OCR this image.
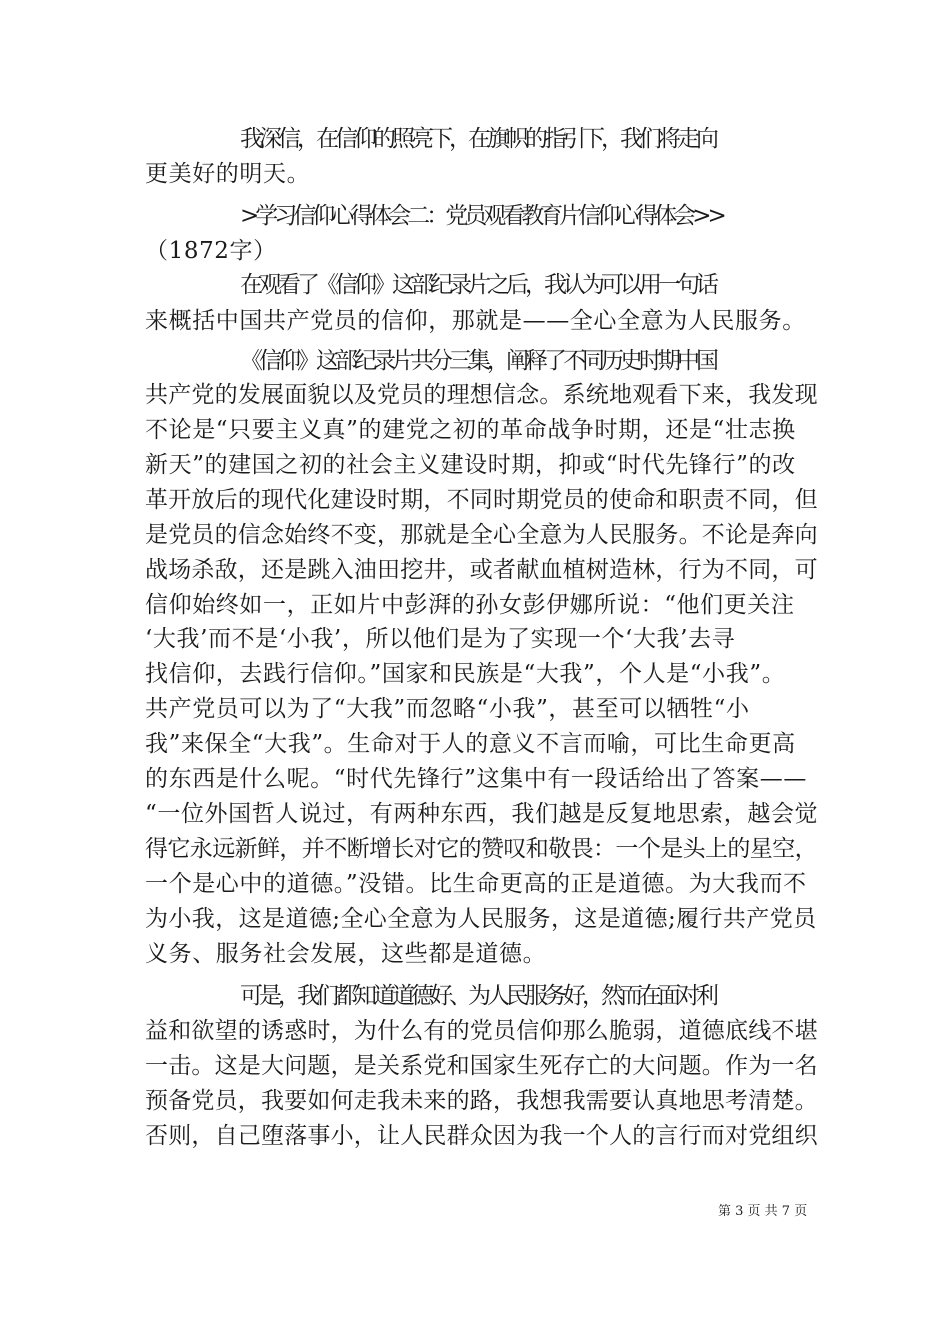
我深信，在信仰的照亮下，在旗帜的指引下，我们将走向
更美好的明天。
>学习信仰心得体会二：党员观看教育片信仰心得体会>>
（1872字）
在观看了《信仰》这部纪录片之后，我认为可以用一句话
来概括中国共产党员的信仰，那就是——全心全意为人民服务。
《信仰》这部纪录片共分三集，阐释了不同历史时期中国
共产党的发展面貌以及党员的理想信念。系统地观看下来，我发现
不论是“只要主义真”的建党之初的革命战争时期，还是“壮志换
新天”的建国之初的社会主义建设时期，抑或“时代先锋行”的改
革开放后的现代化建设时期，不同时期党员的使命和职责不同，但
是党员的信念始终不变，那就是全心全意为人民服务。不论是奔向
战场杀敌，还是跳入油田挖井，或者献血植树造林，行为不同，可
信仰始终如一，正如片中彭湃的孙女彭伊娜所说：“他们更关注
‘大我’而不是‘小我’，所以他们是为了实现一个‘大我’去寻
找信仰，去践行信仰。”国家和民族是“大我”，个人是“小我”。
共产党员可以为了“大我”而忽略“小我”，甚至可以牺牲“小
我”来保全“大我”。生命对于人的意义不言而喻，可比生命更高
的东西是什么呢。“时代先锋行”这集中有一段话给出了答案——
“一位外国哲人说过，有两种东西，我们越是反复地思索，越会觉
得它永远新鲜，并不断增长对它的赞叹和敬畏：一个是头上的星空，
一个是心中的道德。”没错。比生命更高的正是道德。为大我而不
为小我，这是道德;全心全意为人民服务，这是道德;履行共产党员
义务、服务社会发展，这些都是道德。
可是，我们都知道道德好、为人民服务好，然而在面对利
益和欲望的诱惑时，为什么有的党员信仰那么脆弱，道德底线不堪
一击。这是大问题，是关系党和国家生死存亡的大问题。作为一名
预备党员，我要如何走我未来的路，我想我需要认真地思考清楚。
否则，自己堕落事小，让人民群众因为我一个人的言行而对党组织
第 3 页 共 7 页
